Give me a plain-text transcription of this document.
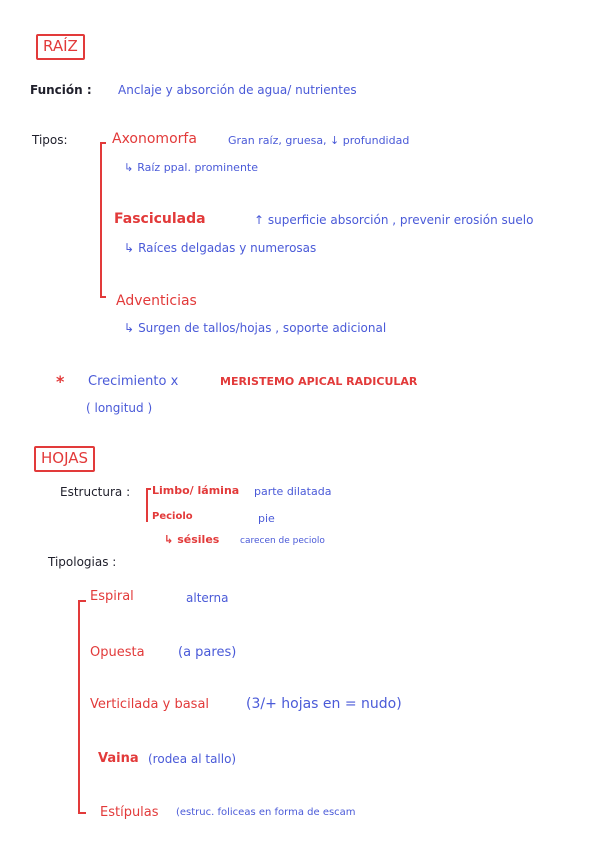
RAÍZ
Función : Anclaje y absorción de agua/ nutrientes
Tipos:	Axonomorfa	Gran raíz, gruesa, ↓ profundidad
↳ Raíz ppal. prominente
Fasciculada	↑ superficie absorción , prevenir erosión suelo
↳ Raíces delgadas y numerosas
Adventicias
↳ Surgen de tallos/hojas , soporte adicional
* Crecimiento x	MERISTEMO APICAL RADICULAR
( longitud )
HOJAS
Estructura : Limbo/ lámina parte dilatada
Peciolo	pie
↳ sésiles carecen de peciolo
Tipologias :
Espiral	alterna
Opuesta	(a pares)
Verticilada y basal	(3/+ hojas en = nudo)
Vaina (rodea al tallo)
Estípulas (estruc. foliceas en forma de escam
